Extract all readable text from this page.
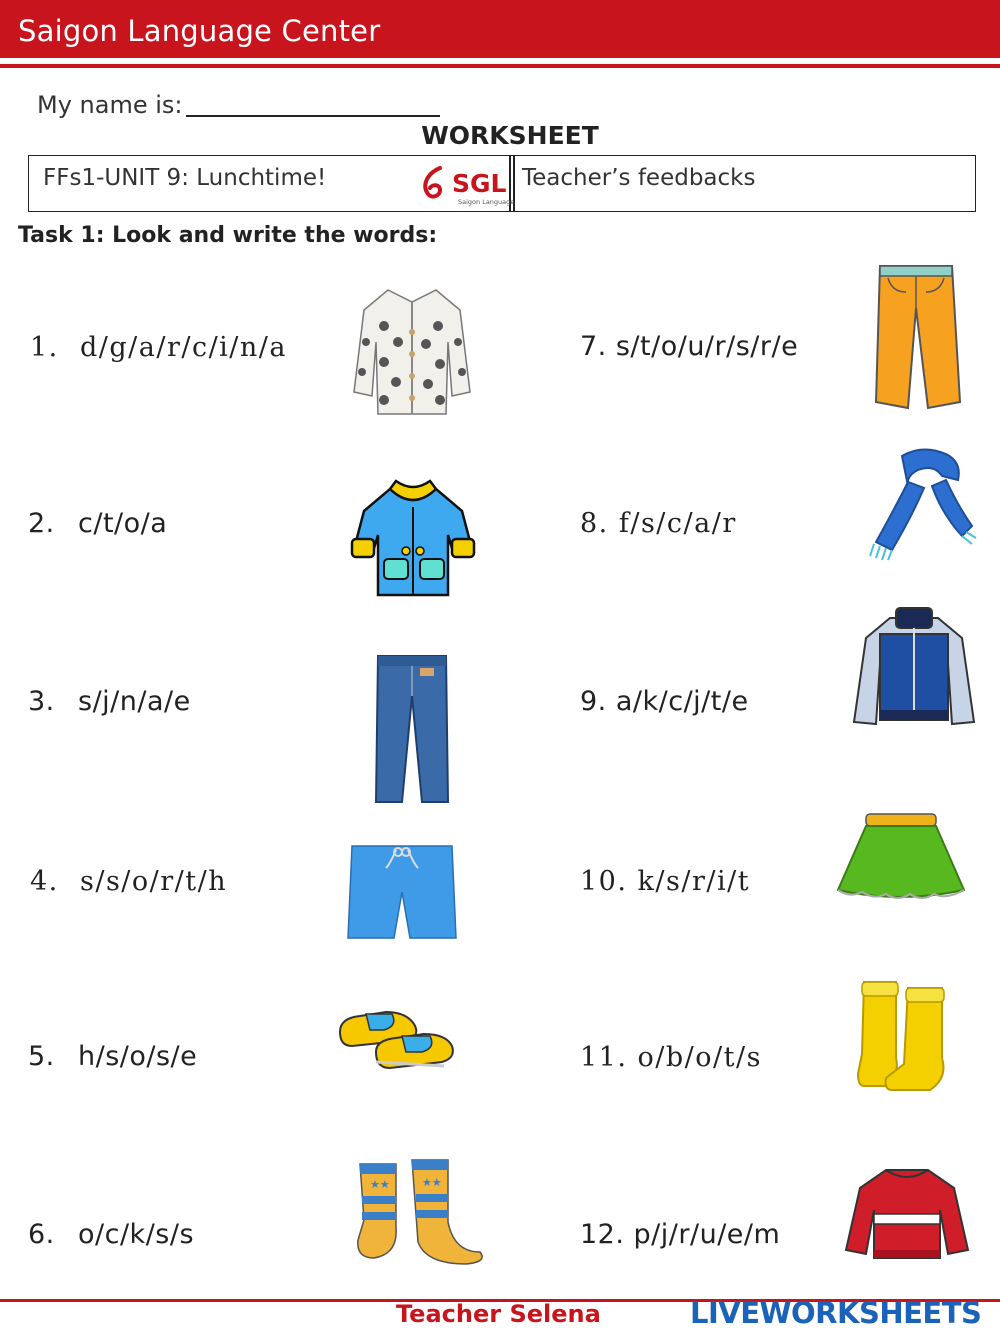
Saigon Language Center
My name is:
WORKSHEET
FFs1-UNIT 9: Lunchtime!	Teacher’s feedbacks
SGL
Saigon Language
Task 1: Look and write the words:
1. d/g/a/r/c/i/n/a
2. c/t/o/a
3. s/j/n/a/e
4. s/s/o/r/t/h
5. h/s/o/s/e
6. o/c/k/s/s
7. s/t/o/u/r/s/r/e
8. f/s/c/a/r
9. a/k/c/j/t/e
10. k/s/r/i/t
11. o/b/o/t/s
12. p/j/r/u/e/m
★★	★★
Teacher Selena	LIVEWORKSHEETS
